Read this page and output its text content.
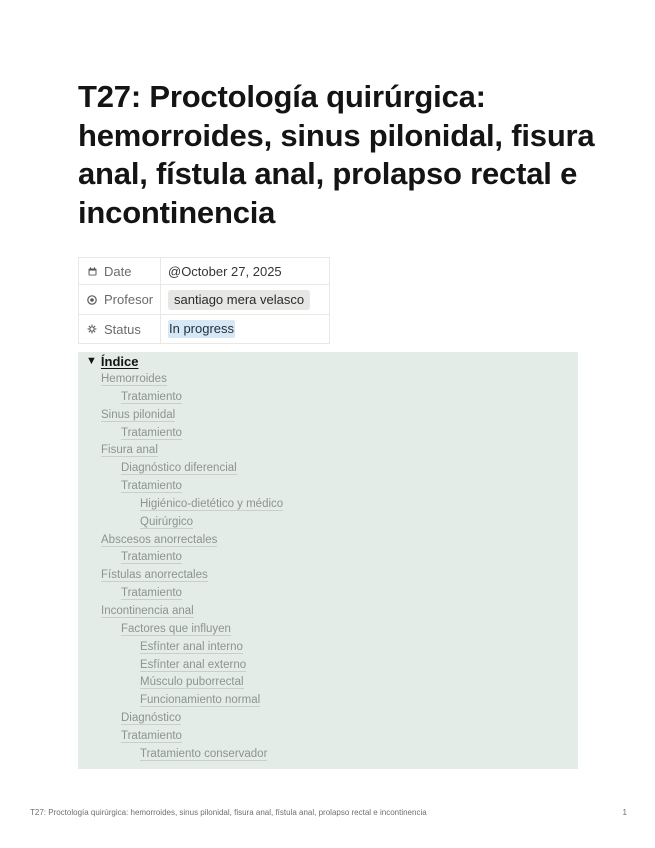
T27: Proctología quirúrgica: hemorroides, sinus pilonidal, fisura anal, fístula anal, prolapso rectal e incontinencia
Date	@October 27, 2025

Profesor	santiago mera velasco

Status	In progress
▼ Índice
Hemorroides
Tratamiento
Sinus pilonidal
Tratamiento
Fisura anal
Diagnóstico diferencial
Tratamiento
Higiénico-dietético y médico
Quirúrgico
Abscesos anorrectales
Tratamiento
Fístulas anorrectales
Tratamiento
Incontinencia anal
Factores que influyen
Esfínter anal interno
Esfínter anal externo
Músculo puborrectal
Funcionamiento normal
Diagnóstico
Tratamiento
Tratamiento conservador
T27: Proctología quirúrgica: hemorroides, sinus pilonidal, fisura anal, fístula anal, prolapso rectal e incontinencia	1
